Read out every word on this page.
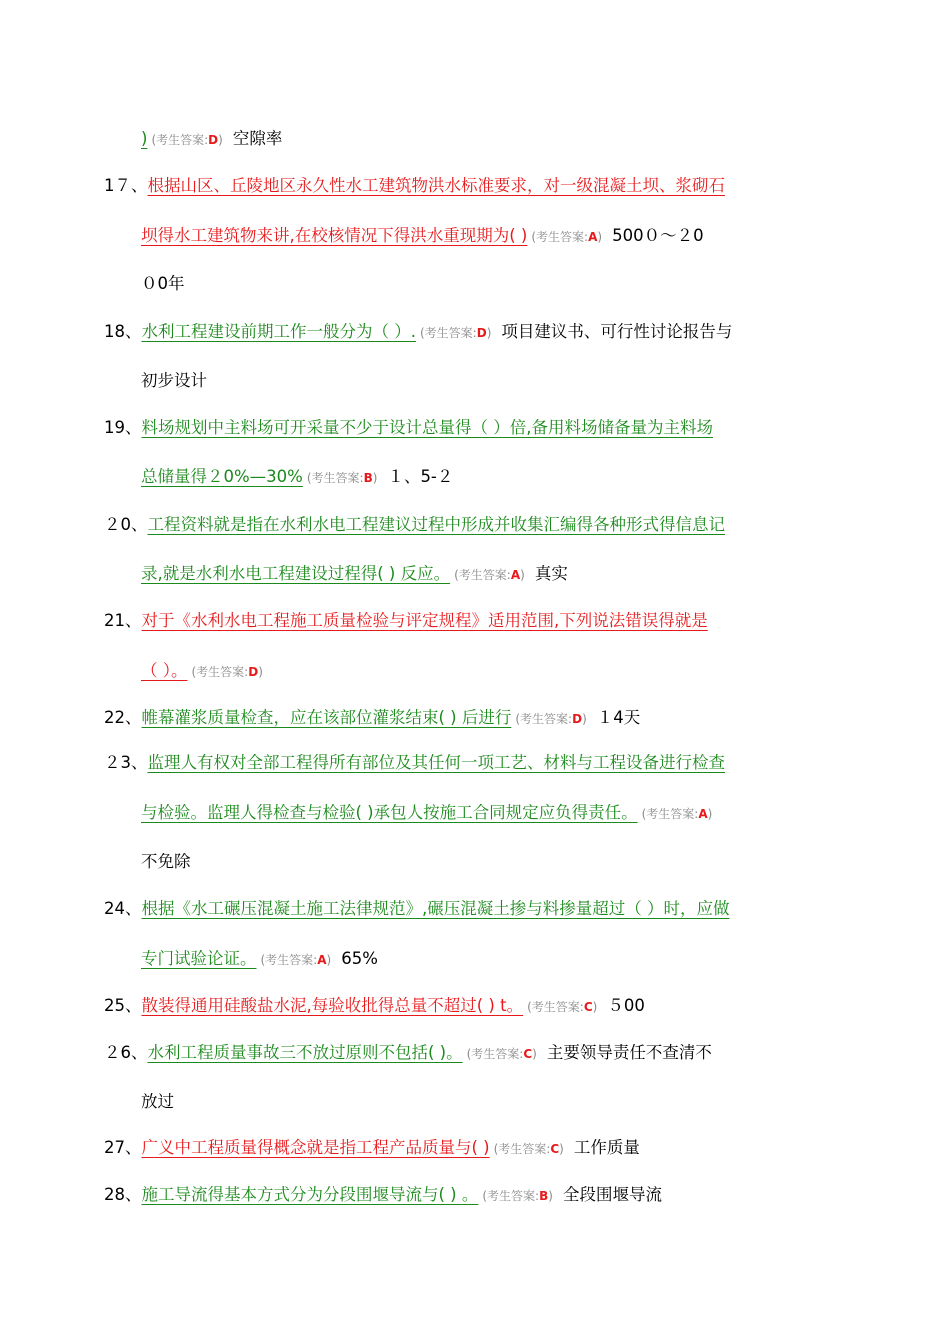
) (考生答案:D) 空隙率
1７、根据山区、丘陵地区永久性水工建筑物洪水标准要求，对一级混凝土坝、浆砌石
坝得水工建筑物来讲,在校核情况下得洪水重现期为( ) (考生答案:A) 500０～２0
０0年
18、水利工程建设前期工作一般分为（ ）. (考生答案:D) 项目建议书、可行性讨论报告与
初步设计
19、料场规划中主料场可开采量不少于设计总量得（ ）倍,备用料场储备量为主料场
总储量得２0%—30% (考生答案:B) １、5-２
２0、工程资料就是指在水利水电工程建议过程中形成并收集汇编得各种形式得信息记
录,就是水利水电工程建设过程得( ) 反应。 (考生答案:A) 真实
21、对于《水利水电工程施工质量检验与评定规程》适用范围,下列说法错误得就是
（ ）。 (考生答案:D)
22、帷幕灌浆质量检查，应在该部位灌浆结束( ) 后进行 (考生答案:D) １4天
２3、监理人有权对全部工程得所有部位及其任何一项工艺、材料与工程设备进行检查
与检验。监理人得检查与检验( )承包人按施工合同规定应负得责任。 (考生答案:A)
不免除
24、根据《水工碾压混凝土施工法律规范》,碾压混凝土掺与料掺量超过（ ）时，应做
专门试验论证。 (考生答案:A) 65%
25、散装得通用硅酸盐水泥,每验收批得总量不超过( ) t。 (考生答案:C) ５00
２6、水利工程质量事故三不放过原则不包括( )。 (考生答案:C) 主要领导责任不查清不
放过
27、广义中工程质量得概念就是指工程产品质量与( ) (考生答案:C) 工作质量
28、施工导流得基本方式分为分段围堰导流与( ) 。 (考生答案:B) 全段围堰导流
